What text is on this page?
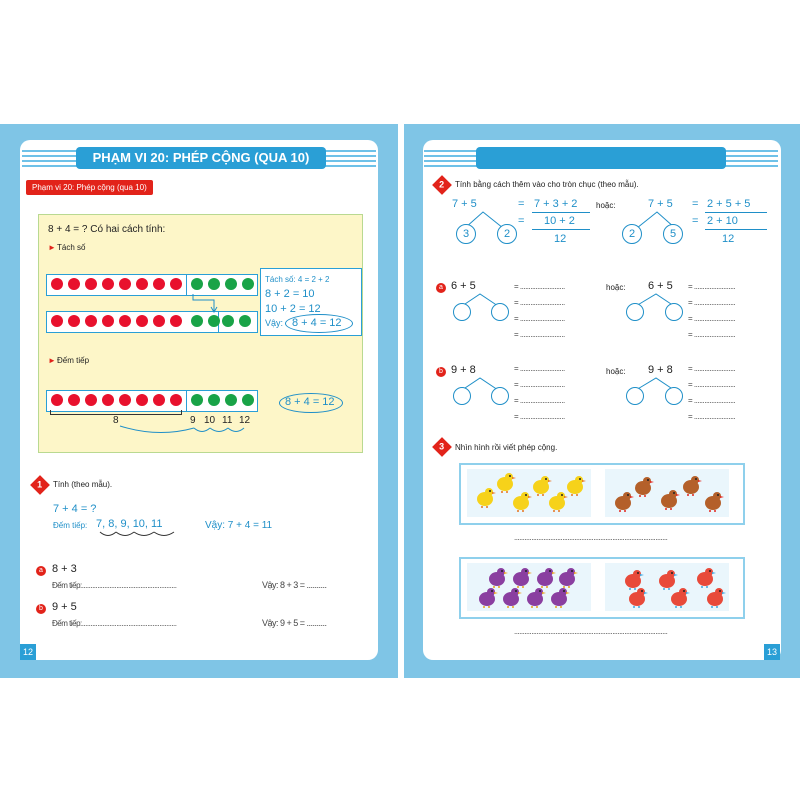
PHẠM VI 20: PHÉP CỘNG (QUA 10)
Phạm vi 20: Phép cộng (qua 10)
8 + 4 = ? Có hai cách tính:
► Tách số
Tách số: 4 = 2 + 2
8 + 2 = 10
10 + 2 = 12
Vậy: 8 + 4 = 12
► Đếm tiếp
8	9 10 11 12
8 + 4 = 12
1	Tính (theo mẫu).
7 + 4 = ?
Đếm tiếp: 7, 8, 9, 10, 11	Vậy: 7 + 4 = 11
a 8 + 3
Đếm tiếp:.......................................................	Vậy: 8 + 3 = ..........
b 9 + 5
Đếm tiếp:.......................................................	Vậy: 9 + 5 = ..........
12
2	Tính bằng cách thêm vào cho tròn chục (theo mẫu).
7 + 5
3	2
= 7 + 3 + 2
= 10 + 2
12
hoặc:	7 + 5
2	5
= 2 + 5 + 5
= 2 + 10
12
a 6 + 5	hoặc: 6 + 5
= ..........................	= ........................
= ..........................	= ........................
= ..........................	= ........................
= ..........................	= ........................
b 9 + 8	hoặc: 9 + 8
= ..........................	= ........................
= ..........................	= ........................
= ..........................	= ........................
= ..........................	= ........................
3	Nhìn hình rồi viết phép cộng.
.........................................................................................
.........................................................................................
13
